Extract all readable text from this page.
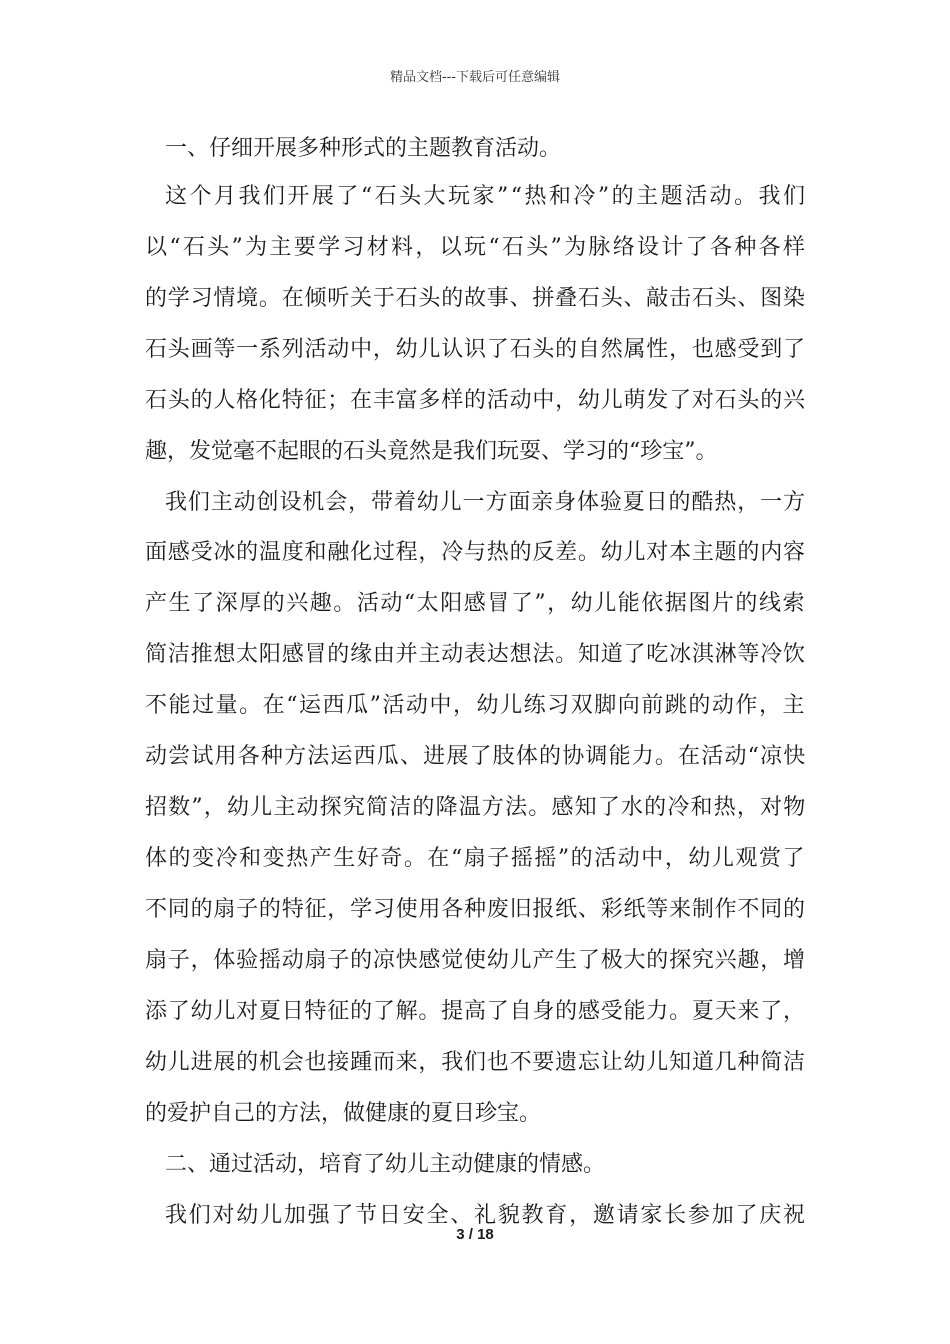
精品文档---下载后可任意编辑
一、仔细开展多种形式的主题教育活动。
这个月我们开展了“石头大玩家”“热和冷”的主题活动。我们
以“石头”为主要学习材料，以玩“石头”为脉络设计了各种各样
的学习情境。在倾听关于石头的故事、拼叠石头、敲击石头、图染
石头画等一系列活动中，幼儿认识了石头的自然属性，也感受到了
石头的人格化特征；在丰富多样的活动中，幼儿萌发了对石头的兴
趣，发觉毫不起眼的石头竟然是我们玩耍、学习的“珍宝”。
我们主动创设机会，带着幼儿一方面亲身体验夏日的酷热，一方
面感受冰的温度和融化过程，冷与热的反差。幼儿对本主题的内容
产生了深厚的兴趣。活动“太阳感冒了”，幼儿能依据图片的线索
简洁推想太阳感冒的缘由并主动表达想法。知道了吃冰淇淋等冷饮
不能过量。在“运西瓜”活动中，幼儿练习双脚向前跳的动作，主
动尝试用各种方法运西瓜、进展了肢体的协调能力。在活动“凉快
招数”，幼儿主动探究简洁的降温方法。感知了水的冷和热，对物
体的变冷和变热产生好奇。在“扇子摇摇”的活动中，幼儿观赏了
不同的扇子的特征，学习使用各种废旧报纸、彩纸等来制作不同的
扇子，体验摇动扇子的凉快感觉使幼儿产生了极大的探究兴趣，增
添了幼儿对夏日特征的了解。提高了自身的感受能力。夏天来了，
幼儿进展的机会也接踵而来，我们也不要遗忘让幼儿知道几种简洁
的爱护自己的方法，做健康的夏日珍宝。
二、通过活动，培育了幼儿主动健康的情感。
我们对幼儿加强了节日安全、礼貌教育，邀请家长参加了庆祝
3 / 18
